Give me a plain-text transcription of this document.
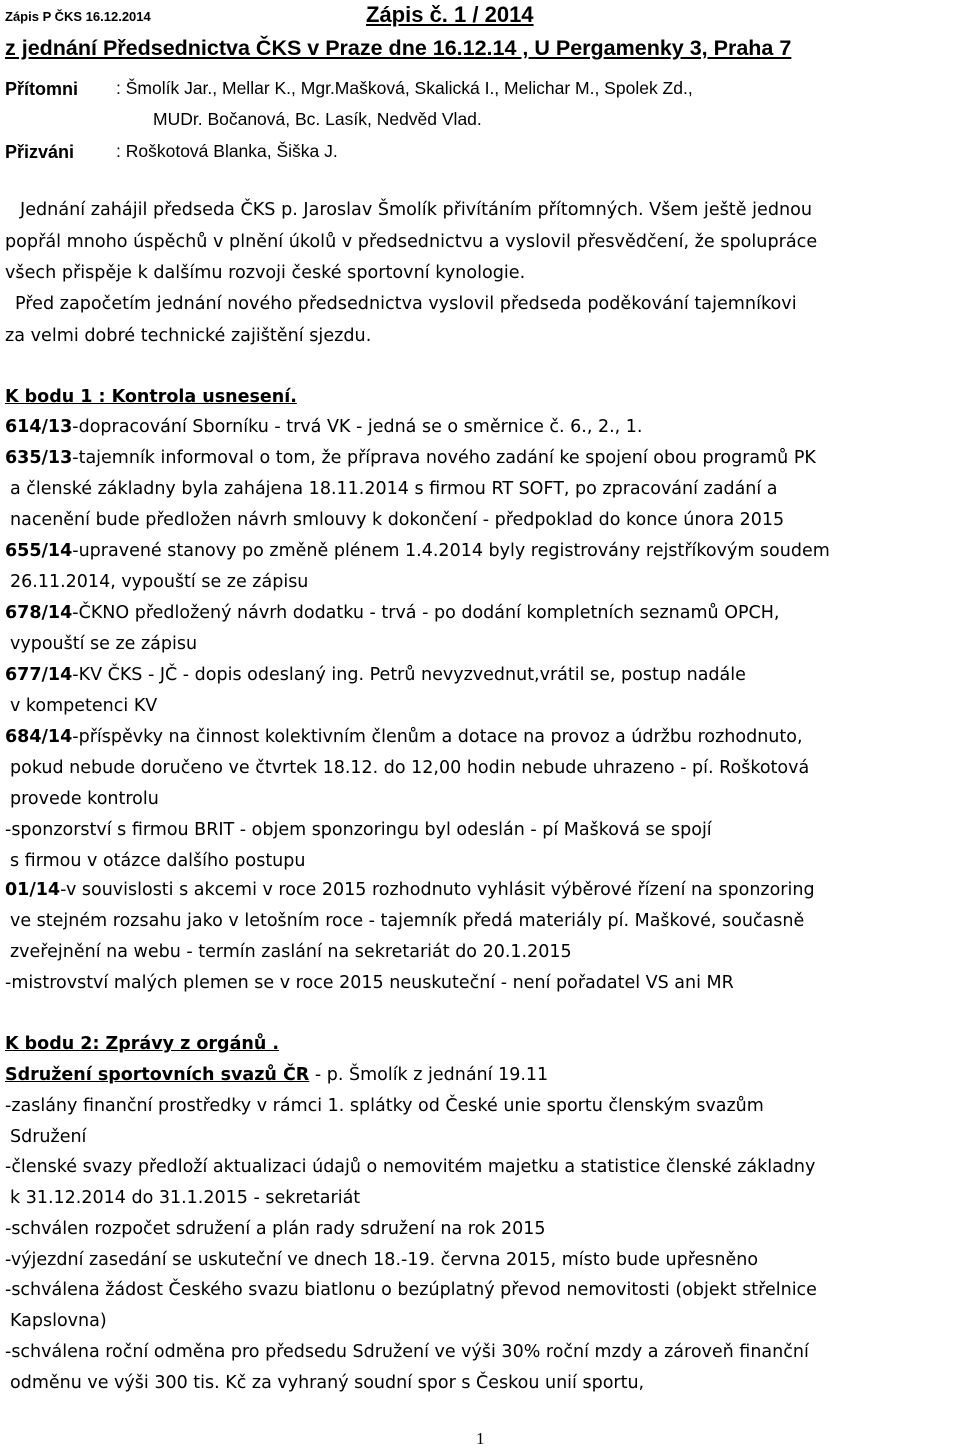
Zápis P ČKS 16.12.2014	Zápis č. 1 / 2014
z jednání Předsednictva ČKS v Praze dne 16.12.14 , U Pergamenky 3, Praha 7
Přítomni : Šmolík Jar., Mellar K., Mgr.Mašková, Skalická I., Melichar M., Spolek Zd.,
MUDr. Bočanová, Bc. Lasík, Nedvěd Vlad.
Přizváni : Roškotová Blanka, Šiška J.
Jednání zahájil předseda ČKS p. Jaroslav Šmolík přivítáním přítomných. Všem ještě jednou
popřál mnoho úspěchů v plnění úkolů v předsednictvu a vyslovil přesvědčení, že spolupráce
všech přispěje k dalšímu rozvoji české sportovní kynologie.
Před započetím jednání nového předsednictva vyslovil předseda poděkování tajemníkovi
za velmi dobré technické zajištění sjezdu.
K bodu 1 : Kontrola usnesení.
614/13-dopracování Sborníku - trvá VK - jedná se o směrnice č. 6., 2., 1.
635/13-tajemník informoval o tom, že příprava nového zadání ke spojení obou programů PK
a členské základny byla zahájena 18.11.2014 s firmou RT SOFT, po zpracování zadání a
nacenění bude předložen návrh smlouvy k dokončení - předpoklad do konce února 2015
655/14-upravené stanovy po změně plénem 1.4.2014 byly registrovány rejstříkovým soudem
26.11.2014, vypouští se ze zápisu
678/14-ČKNO předložený návrh dodatku - trvá - po dodání kompletních seznamů OPCH,
vypouští se ze zápisu
677/14-KV ČKS - JČ - dopis odeslaný ing. Petrů nevyzvednut,vrátil se, postup nadále
v kompetenci KV
684/14-příspěvky na činnost kolektivním členům a dotace na provoz a údržbu rozhodnuto,
pokud nebude doručeno ve čtvrtek 18.12. do 12,00 hodin nebude uhrazeno - pí. Roškotová
provede kontrolu
-sponzorství s firmou BRIT - objem sponzoringu byl odeslán - pí Mašková se spojí
s firmou v otázce dalšího postupu
01/14-v souvislosti s akcemi v roce 2015 rozhodnuto vyhlásit výběrové řízení na sponzoring
ve stejném rozsahu jako v letošním roce - tajemník předá materiály pí. Maškové, současně
zveřejnění na webu - termín zaslání na sekretariát do 20.1.2015
-mistrovství malých plemen se v roce 2015 neuskuteční - není pořadatel VS ani MR
K bodu 2: Zprávy z orgánů .
Sdružení sportovních svazů ČR - p. Šmolík z jednání 19.11
-zaslány finanční prostředky v rámci 1. splátky od České unie sportu členským svazům
Sdružení
-členské svazy předloží aktualizaci údajů o nemovitém majetku a statistice členské základny
k 31.12.2014 do 31.1.2015 - sekretariát
-schválen rozpočet sdružení a plán rady sdružení na rok 2015
-výjezdní zasedání se uskuteční ve dnech 18.-19. června 2015, místo bude upřesněno
-schválena žádost Českého svazu biatlonu o bezúplatný převod nemovitosti (objekt střelnice
Kapslovna)
-schválena roční odměna pro předsedu Sdružení ve výši 30% roční mzdy a zároveň finanční
odměnu ve výši 300 tis. Kč za vyhraný soudní spor s Českou unií sportu,
1
